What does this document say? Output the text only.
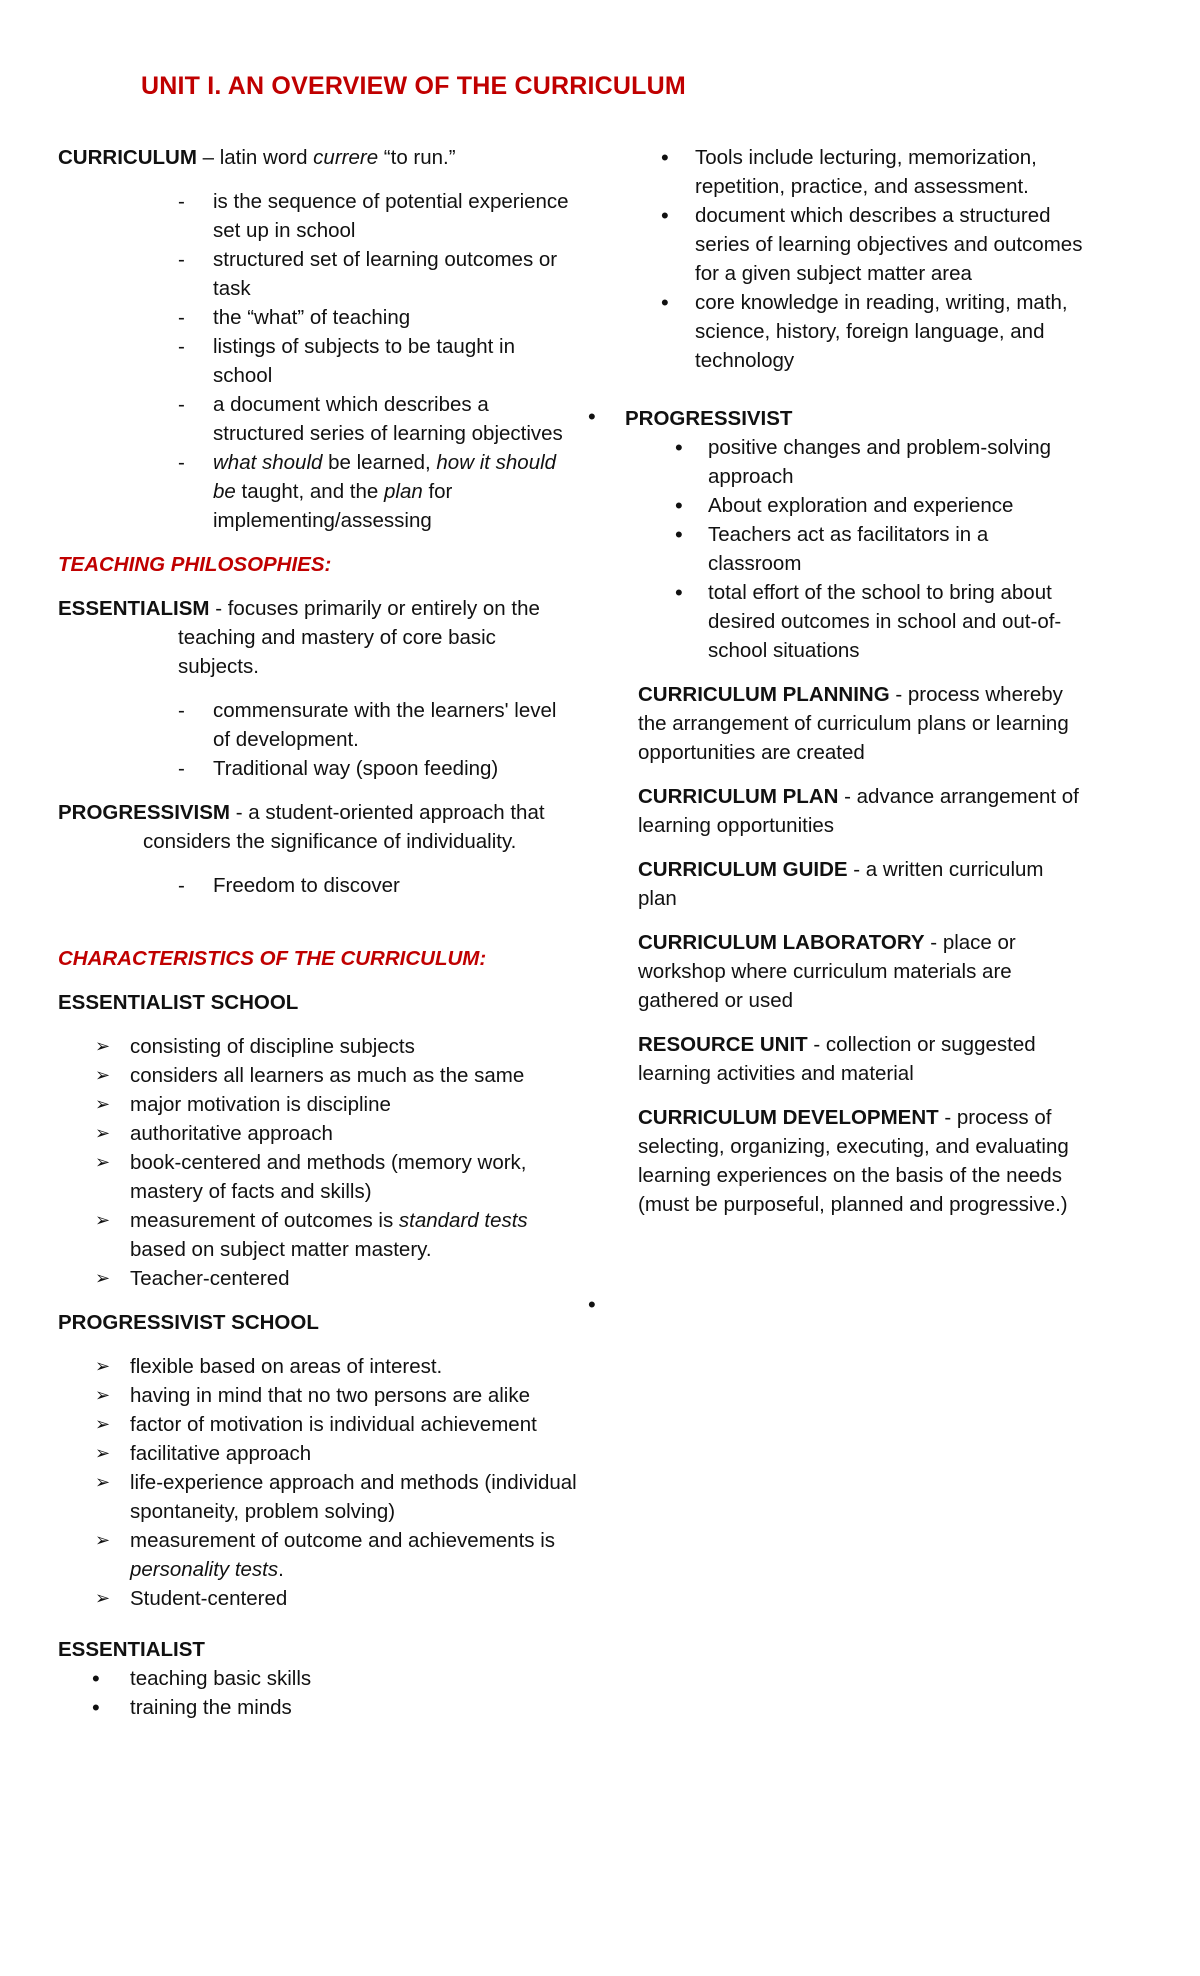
UNIT I. AN OVERVIEW OF THE CURRICULUM

CURRICULUM – latin word currere “to run.”

- is the sequence of potential experience set up in school
- structured set of learning outcomes or task
- the “what” of teaching
- listings of subjects to be taught in school
- a document which describes a structured series of learning objectives
- what should be learned, how it should be taught, and the plan for implementing/assessing

TEACHING PHILOSOPHIES:

ESSENTIALISM - focuses primarily or entirely on the

teaching and mastery of core basic subjects.

- commensurate with the learners' level of development.
- Traditional way (spoon feeding)

PROGRESSIVISM - a student-oriented approach that

considers the significance of individuality.

- Freedom to discover

CHARACTERISTICS OF THE CURRICULUM:

ESSENTIALIST SCHOOL

➢ consisting of discipline subjects
➢ considers all learners as much as the same
➢ major motivation is discipline
➢ authoritative approach
➢ book-centered and methods (memory work, mastery of facts and skills)
➢ measurement of outcomes is standard tests based on subject matter mastery.
➢ Teacher-centered

PROGRESSIVIST SCHOOL

➢ flexible based on areas of interest.
➢ having in mind that no two persons are alike
➢ factor of motivation is individual achievement
➢ facilitative approach
➢ life-experience approach and methods (individual spontaneity, problem solving)
➢ measurement of outcome and achievements is personality tests.
➢ Student-centered

ESSENTIALIST

• teaching basic skills
• training the minds
•
•
• Tools include lecturing, memorization, repetition, practice, and assessment.
• document which describes a structured series of learning objectives and outcomes for a given subject matter area
• core knowledge in reading, writing, math, science, history, foreign language, and technology

PROGRESSIVIST

• positive changes and problem-solving approach
• About exploration and experience
• Teachers act as facilitators in a classroom
• total effort of the school to bring about desired outcomes in school and out-of-school situations

CURRICULUM PLANNING - process whereby the arrangement of curriculum plans or learning opportunities are created

CURRICULUM PLAN - advance arrangement of learning opportunities

CURRICULUM GUIDE - a written curriculum plan

CURRICULUM LABORATORY - place or workshop where curriculum materials are gathered or used

RESOURCE UNIT - collection or suggested learning activities and material

CURRICULUM DEVELOPMENT - process of selecting, organizing, executing, and evaluating learning experiences on the basis of the needs (must be purposeful, planned and progressive.)
